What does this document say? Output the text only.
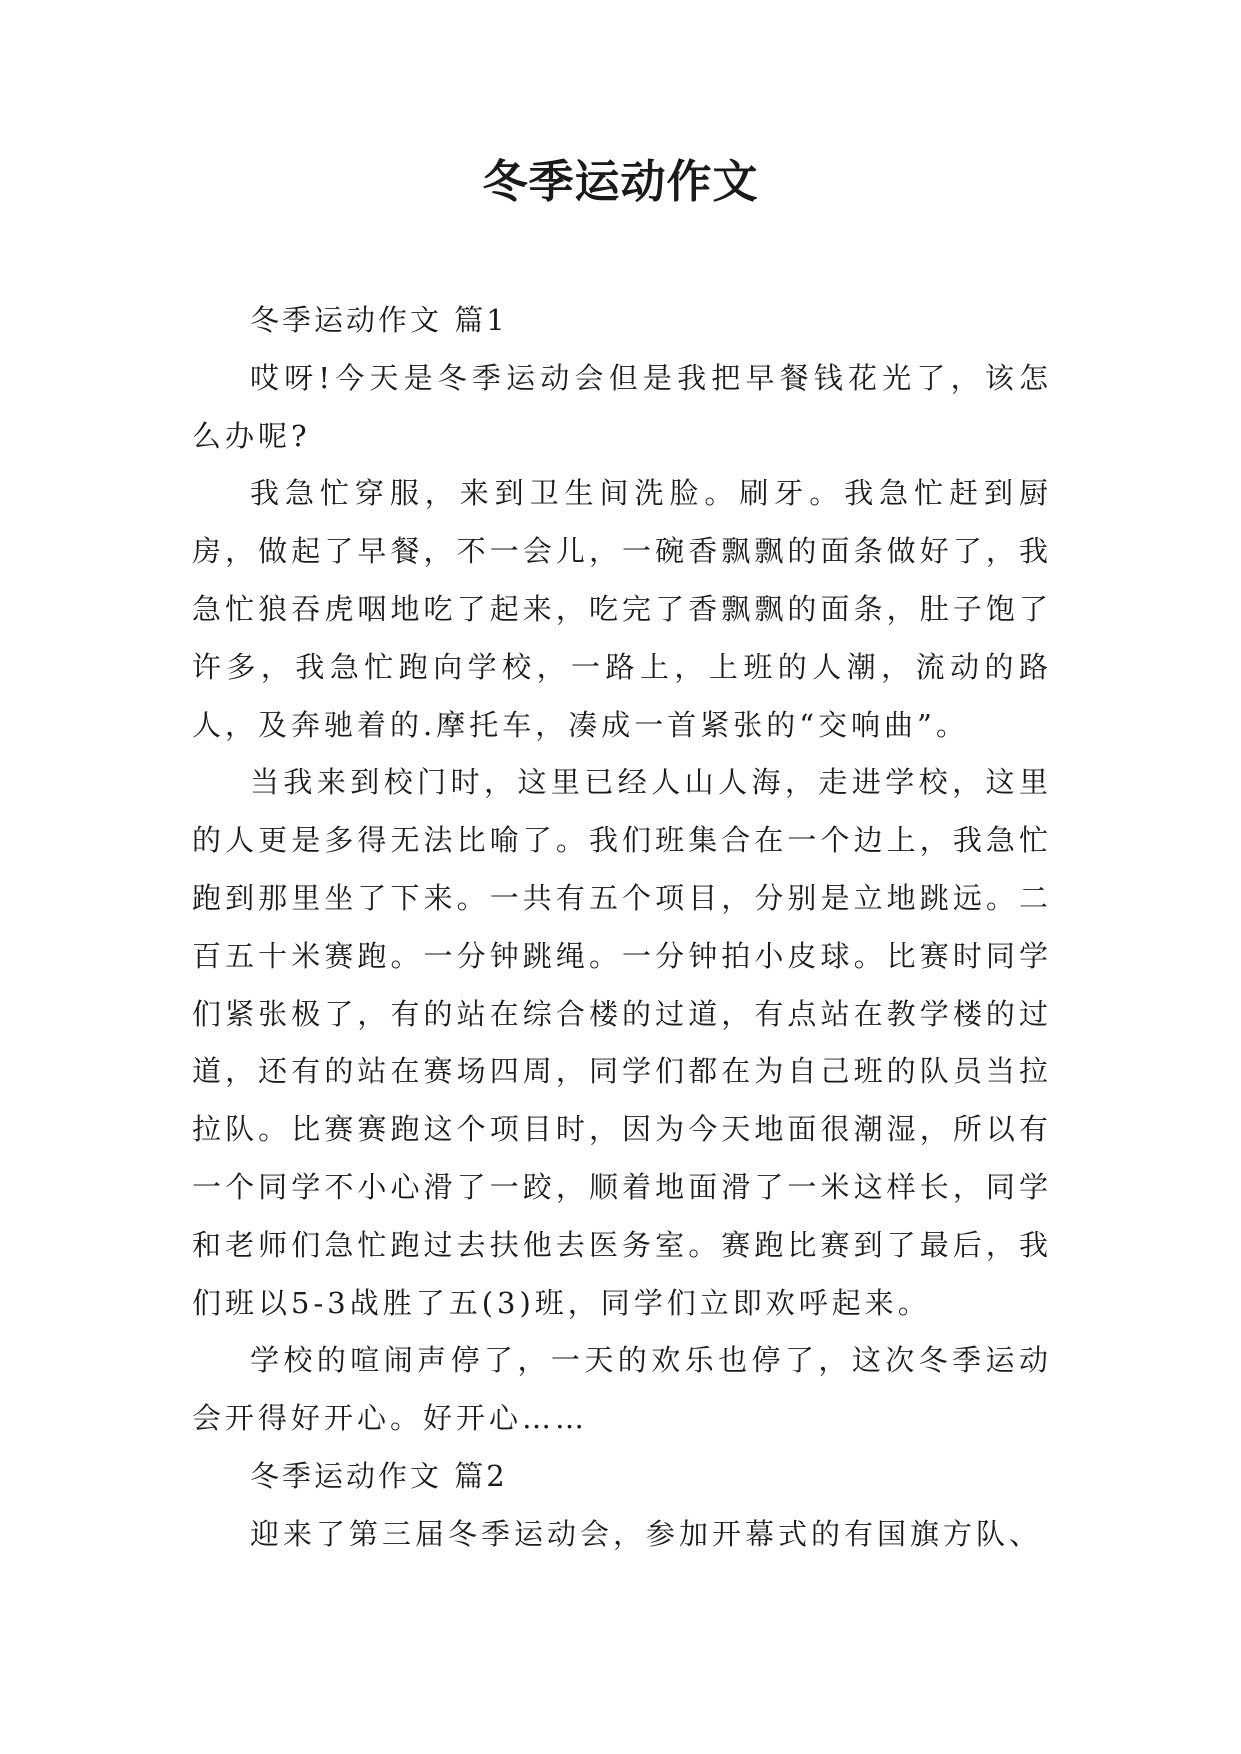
冬季运动作文

冬季运动作文 篇1

哎呀!今天是冬季运动会但是我把早餐钱花光了，该怎么办呢?

我急忙穿服，来到卫生间洗脸。刷牙。我急忙赶到厨房，做起了早餐，不一会儿，一碗香飘飘的面条做好了，我急忙狼吞虎咽地吃了起来，吃完了香飘飘的面条，肚子饱了许多，我急忙跑向学校，一路上，上班的人潮，流动的路人，及奔驰着的.摩托车，凑成一首紧张的“交响曲”。

当我来到校门时，这里已经人山人海，走进学校，这里的人更是多得无法比喻了。我们班集合在一个边上，我急忙跑到那里坐了下来。一共有五个项目，分别是立地跳远。二百五十米赛跑。一分钟跳绳。一分钟拍小皮球。比赛时同学们紧张极了，有的站在综合楼的过道，有点站在教学楼的过道，还有的站在赛场四周，同学们都在为自己班的队员当拉拉队。比赛赛跑这个项目时，因为今天地面很潮湿，所以有一个同学不小心滑了一跤，顺着地面滑了一米这样长，同学和老师们急忙跑过去扶他去医务室。赛跑比赛到了最后，我们班以5-3战胜了五(3)班，同学们立即欢呼起来。

学校的喧闹声停了，一天的欢乐也停了，这次冬季运动会开得好开心。好开心……

冬季运动作文 篇2

迎来了第三届冬季运动会，参加开幕式的有国旗方队、
